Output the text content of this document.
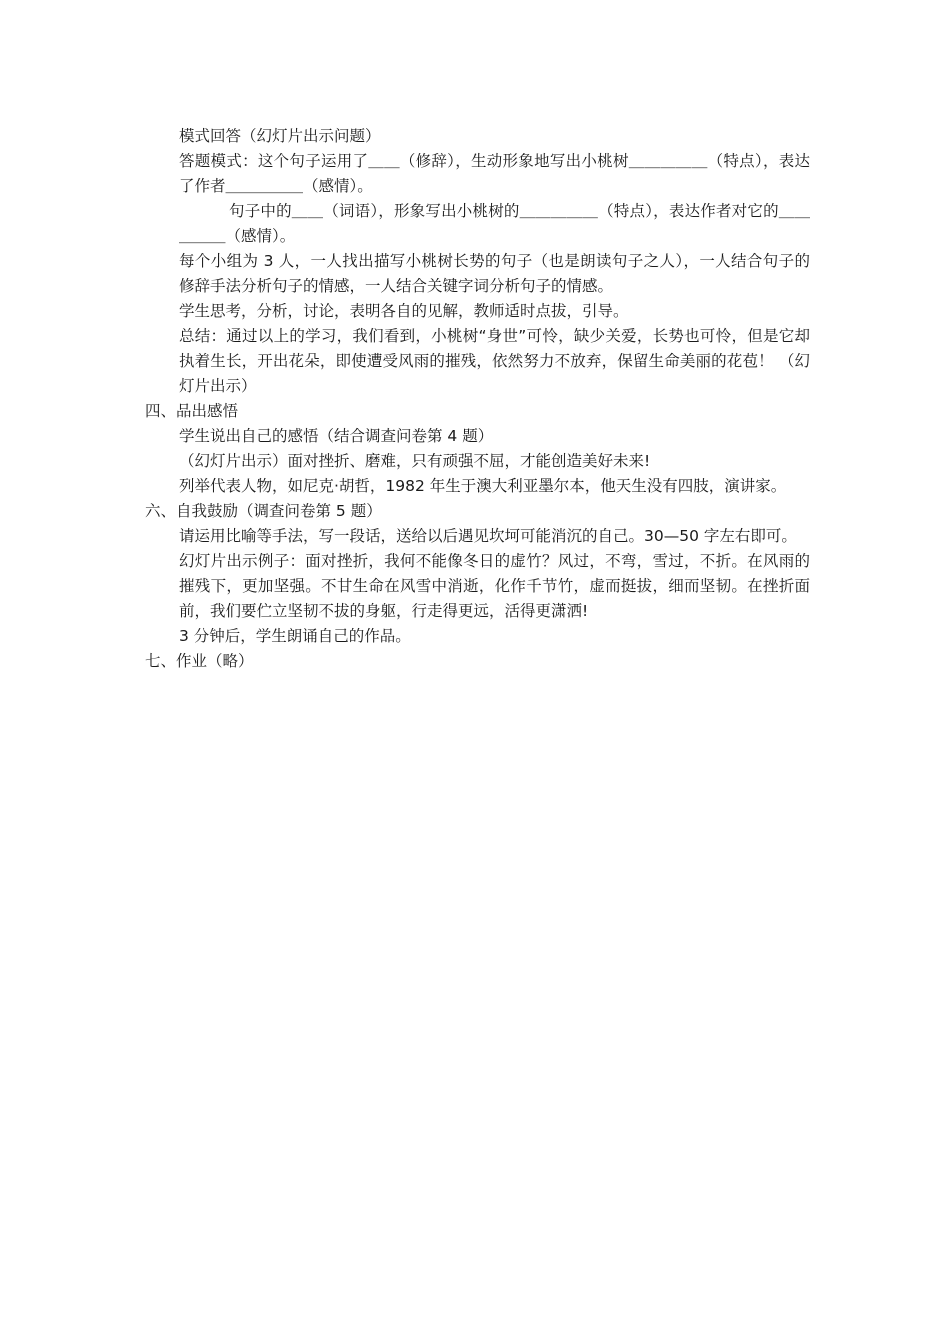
模式回答（幻灯片出示问题）

答题模式：这个句子运用了＿＿（修辞），生动形象地写出小桃树＿＿＿＿＿（特点），表达了作者＿＿＿＿＿（感情）。

句子中的＿＿（词语），形象写出小桃树的＿＿＿＿＿（特点），表达作者对它的＿＿＿＿＿（感情）。

每个小组为 3 人，一人找出描写小桃树长势的句子（也是朗读句子之人），一人结合句子的修辞手法分析句子的情感，一人结合关键字词分析句子的情感。

学生思考，分析，讨论，表明各自的见解，教师适时点拔，引导。

总结：通过以上的学习，我们看到，小桃树“身世”可怜，缺少关爱，长势也可怜，但是它却执着生长，开出花朵，即使遭受风雨的摧残，依然努力不放弃，保留生命美丽的花苞！ （幻灯片出示）

四、品出感悟

学生说出自己的感悟（结合调查问卷第 4 题）

（幻灯片出示）面对挫折、磨难，只有顽强不屈，才能创造美好未来!

列举代表人物，如尼克·胡哲，1982 年生于澳大利亚墨尔本，他天生没有四肢，演讲家。

六、自我鼓励（调查问卷第 5 题）

请运用比喻等手法，写一段话，送给以后遇见坎坷可能消沉的自己。30—50 字左右即可。

幻灯片出示例子：面对挫折，我何不能像冬日的虚竹？风过，不弯，雪过，不折。在风雨的摧残下，更加坚强。不甘生命在风雪中消逝，化作千节竹，虚而挺拔，细而坚韧。在挫折面前，我们要伫立坚韧不拔的身躯，行走得更远，活得更潇洒!

3 分钟后，学生朗诵自己的作品。

七、作业（略）
